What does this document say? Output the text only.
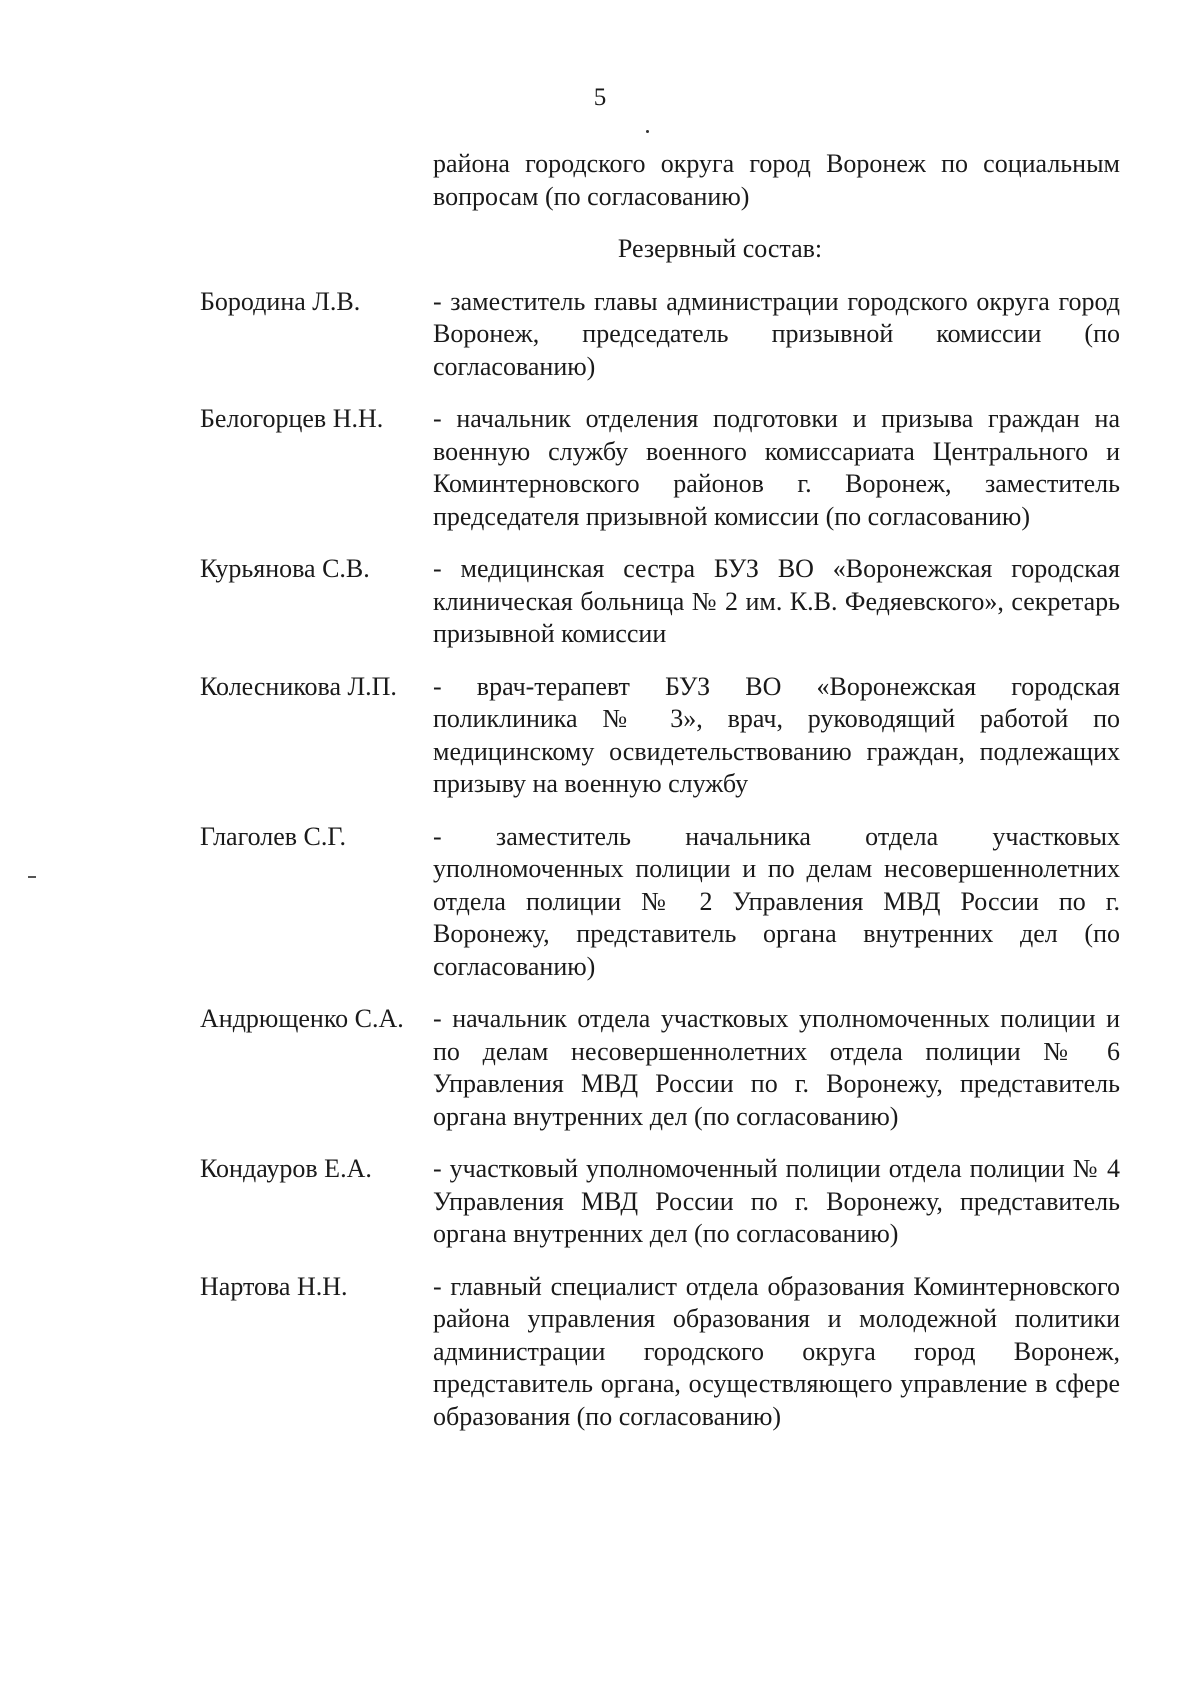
5
района городского округа город Воронеж по социальным вопросам (по согласованию)
Резервный состав:
Бородина Л.В.	- заместитель главы администрации городского округа город Воронеж, председатель призывной комиссии (по согласованию)
Белогорцев Н.Н.	- начальник отделения подготовки и призыва граждан на военную службу военного комиссариата Центрального и Коминтерновского районов г. Воронеж, заместитель председателя призывной комиссии (по согласованию)
Курьянова С.В.	- медицинская сестра БУЗ ВО «Воронежская городская клиническая больница № 2 им. К.В. Федяевского», секретарь призывной комиссии
Колесникова Л.П.	- врач-терапевт БУЗ ВО «Воронежская городская поликлиника № 3», врач, руководящий работой по медицинскому освидетельствованию граждан, подлежащих призыву на военную службу
Глаголев С.Г.	- заместитель начальника отдела участковых уполномоченных полиции и по делам несовершеннолетних отдела полиции № 2 Управления МВД России по г. Воронежу, представитель органа внутренних дел (по согласованию)
Андрющенко С.А.	- начальник отдела участковых уполномоченных полиции и по делам несовершеннолетних отдела полиции № 6 Управления МВД России по г. Воронежу, представитель органа внутренних дел (по согласованию)
Кондауров Е.А.	- участковый уполномоченный полиции отдела полиции № 4 Управления МВД России по г. Воронежу, представитель органа внутренних дел (по согласованию)
Нартова Н.Н.	- главный специалист отдела образования Коминтерновского района управления образования и молодежной политики администрации городского округа город Воронеж, представитель органа, осуществляющего управление в сфере образования (по согласованию)
